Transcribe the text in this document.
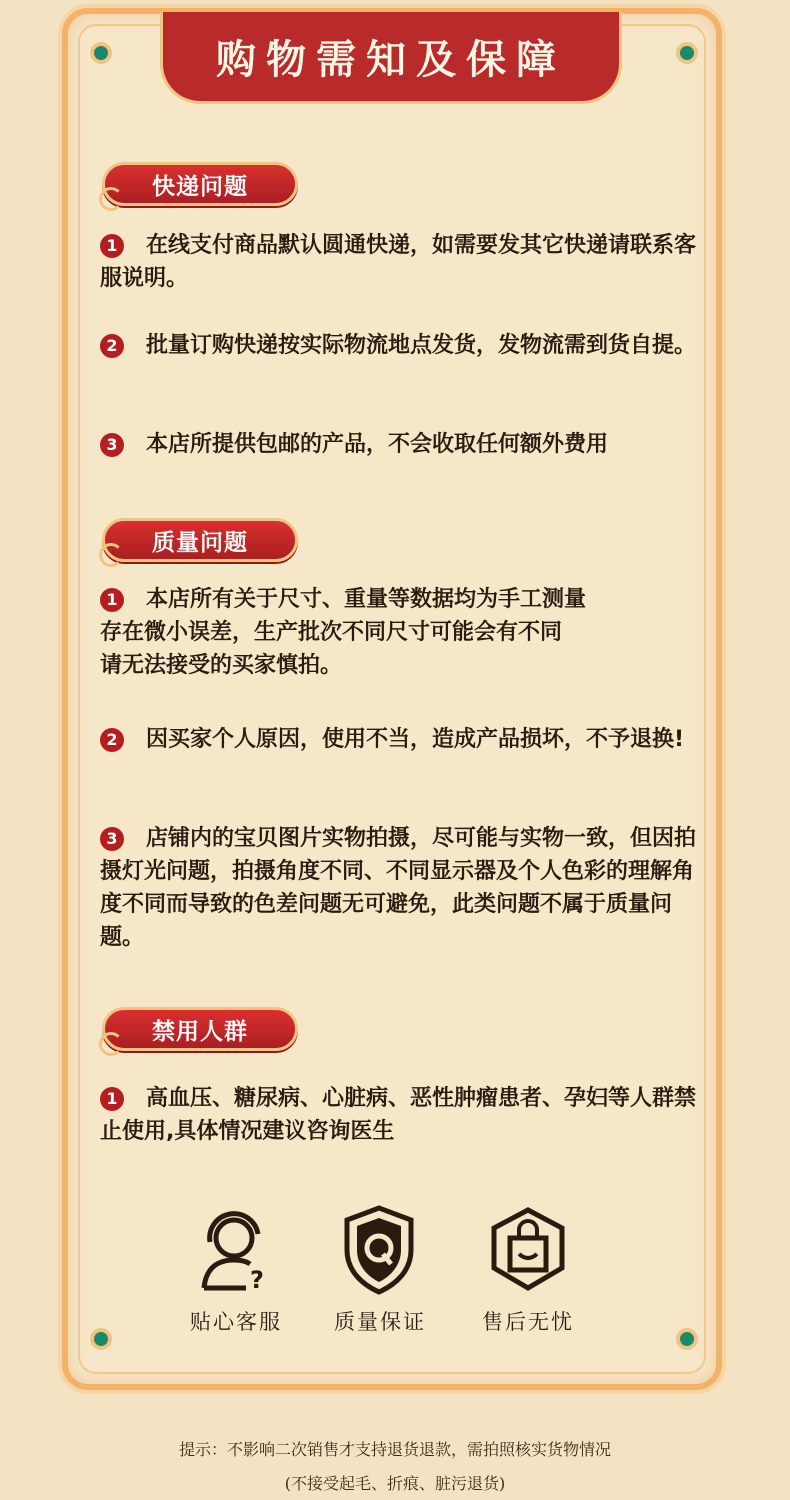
购物需知及保障
快递问题
1 在线支付商品默认圆通快递，如需要发其它快递请联系客服说明。
2 批量订购快递按实际物流地点发货，发物流需到货自提。
3 本店所提供包邮的产品，不会收取任何额外费用
质量问题
1 本店所有关于尺寸、重量等数据均为手工测量
存在微小误差，生产批次不同尺寸可能会有不同
请无法接受的买家慎拍。
2 因买家个人原因，使用不当，造成产品损坏，不予退换!
3 店铺内的宝贝图片实物拍摄，尽可能与实物一致，但因拍摄灯光问题，拍摄角度不同、不同显示器及个人色彩的理解角度不同而导致的色差问题无可避免，此类问题不属于质量问题。
禁用人群
1 高血压、糖尿病、心脏病、恶性肿瘤患者、孕妇等人群禁止使用,具体情况建议咨询医生
?
贴心客服	质量保证	售后无忧
提示：不影响二次销售才支持退货退款，需拍照核实货物情况
(不接受起毛、折痕、脏污退货)
